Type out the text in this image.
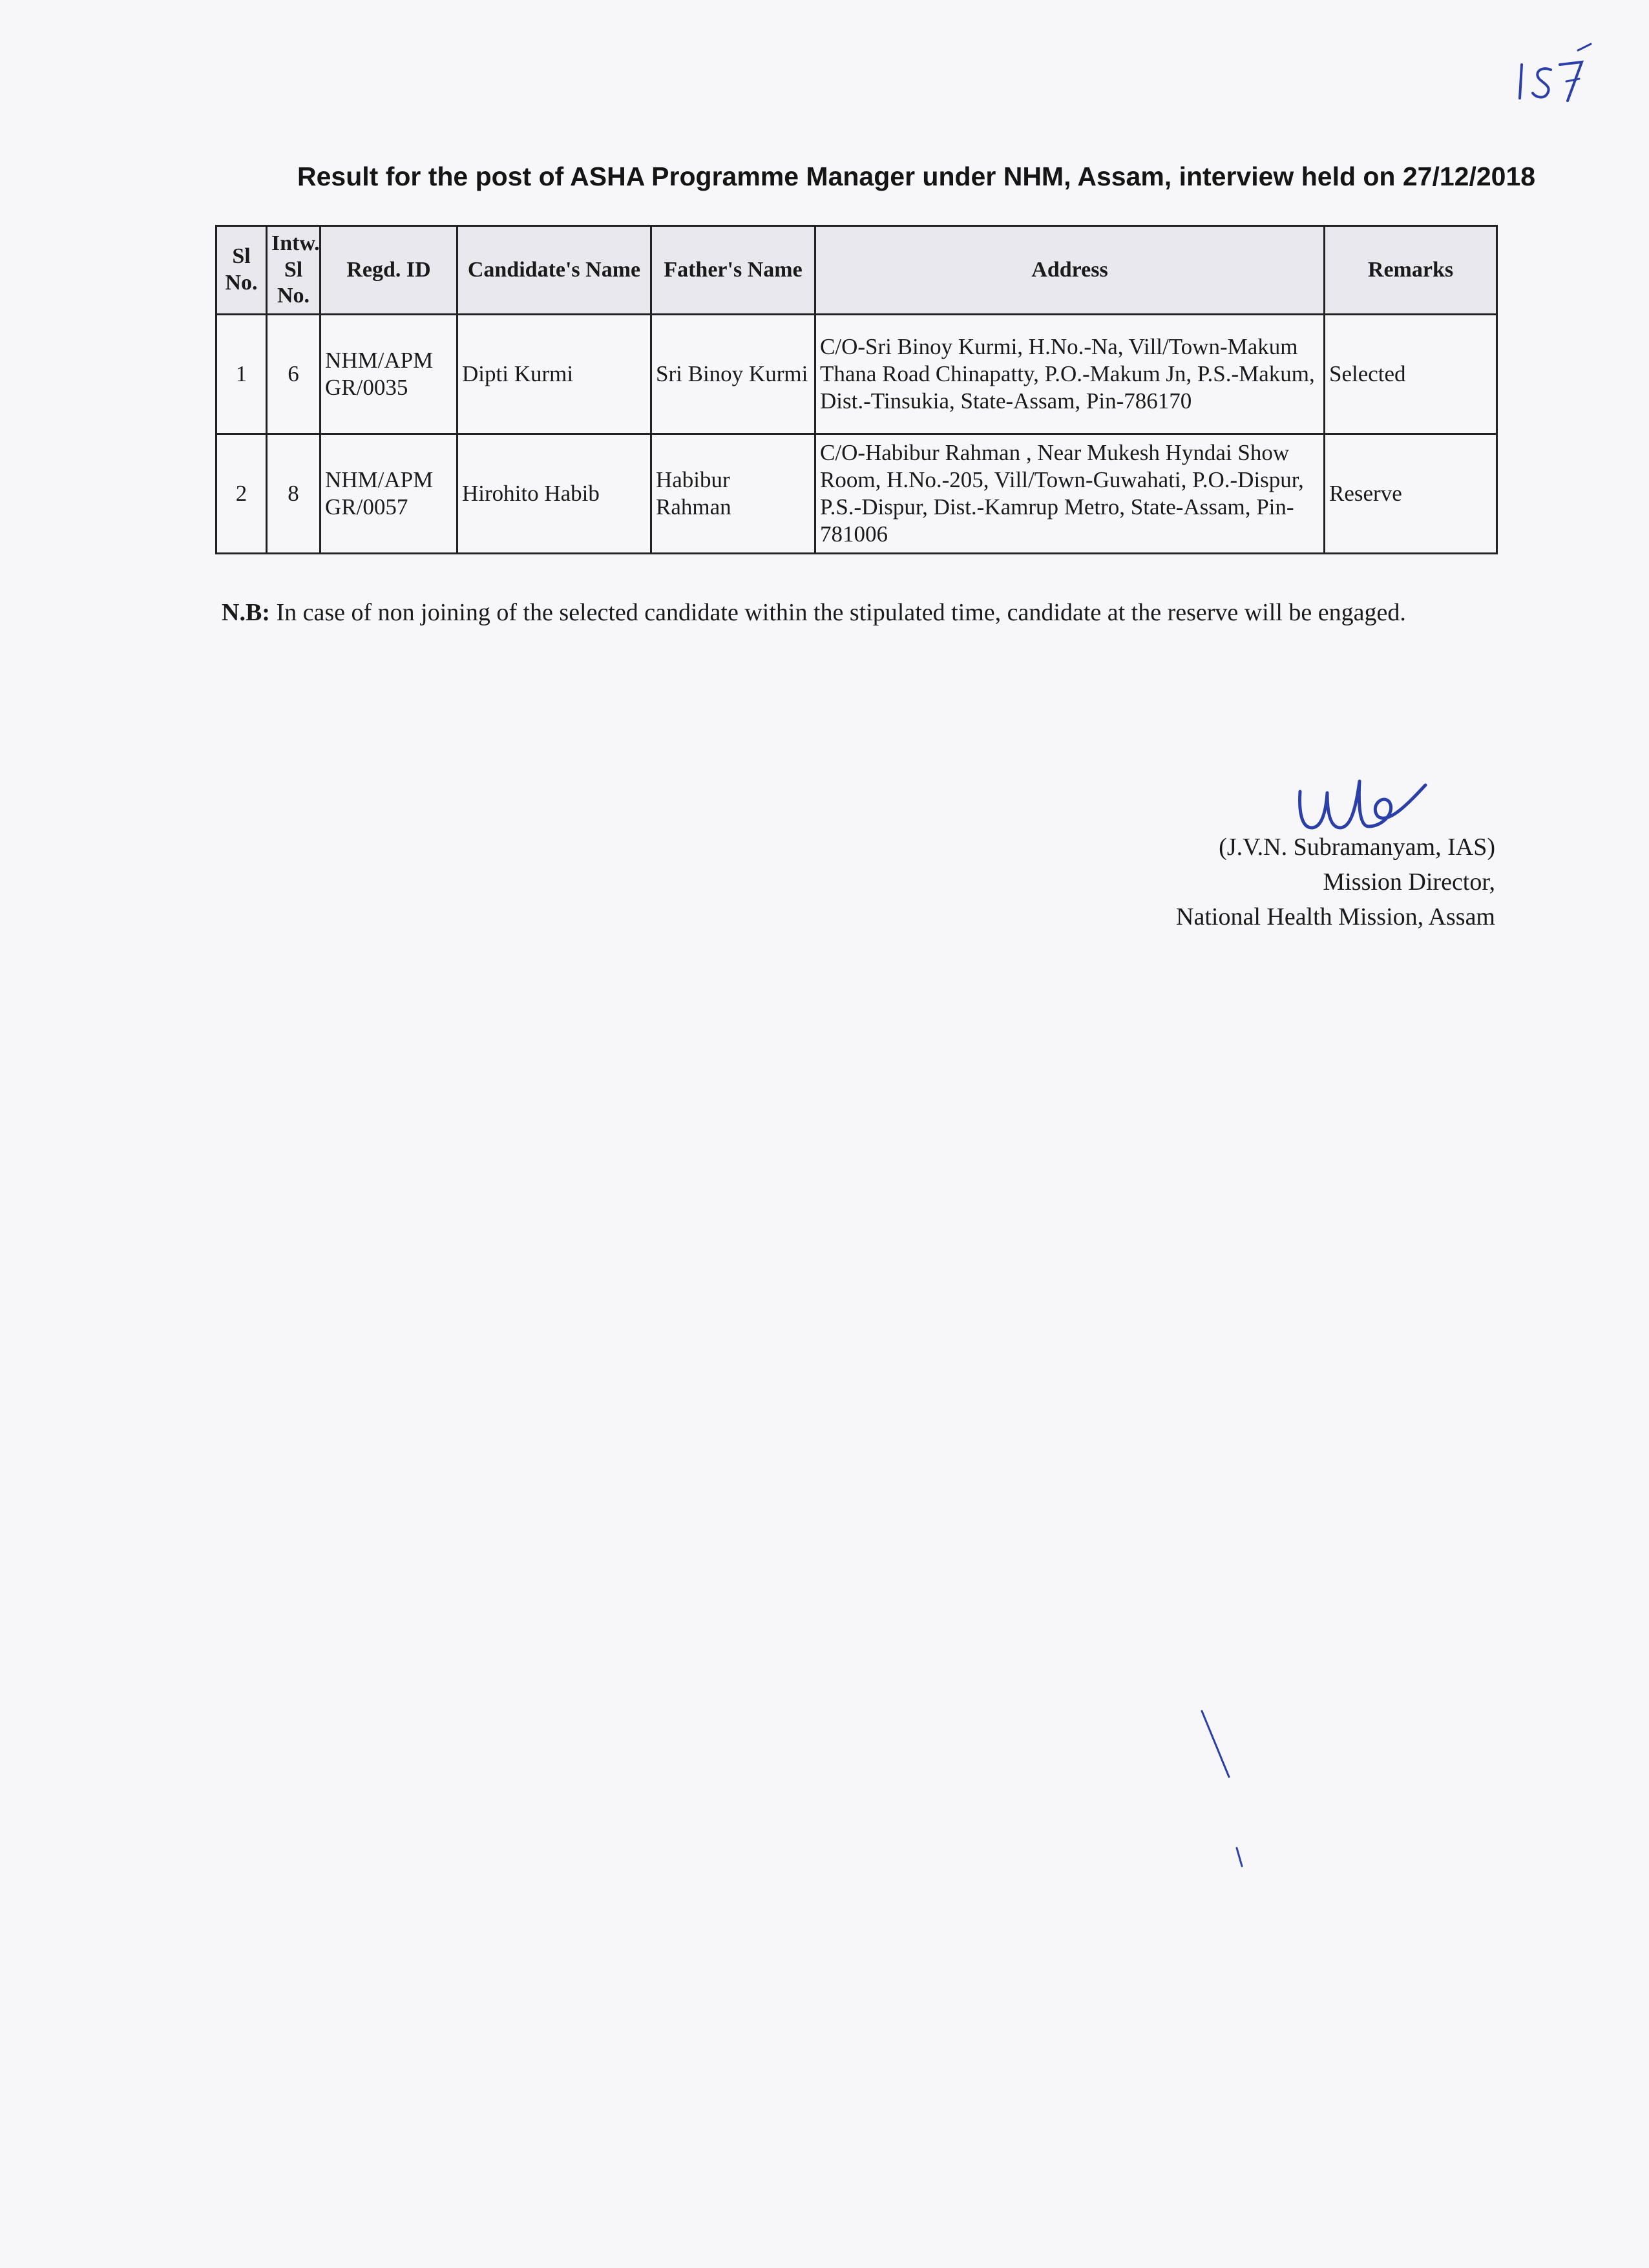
Result for the post of ASHA Programme Manager under NHM, Assam, interview held on 27/12/2018
Sl No.	Intw. Sl No.	Regd. ID	Candidate's Name	Father's Name	Address	Remarks
1	6	NHM/APM GR/0035	Dipti Kurmi	Sri Binoy Kurmi	C/O-Sri Binoy Kurmi, H.No.-Na, Vill/Town-Makum Thana Road Chinapatty, P.O.-Makum Jn, P.S.-Makum, Dist.-Tinsukia, State-Assam, Pin-786170	Selected
2	8	NHM/APM GR/0057	Hirohito Habib	Habibur Rahman	C/O-Habibur Rahman , Near Mukesh Hyndai Show Room, H.No.-205, Vill/Town-Guwahati, P.O.-Dispur, P.S.-Dispur, Dist.-Kamrup Metro, State-Assam, Pin-781006	Reserve
N.B: In case of non joining of the selected candidate within the stipulated time, candidate at the reserve will be engaged.
(J.V.N. Subramanyam, IAS)
Mission Director,
National Health Mission, Assam
